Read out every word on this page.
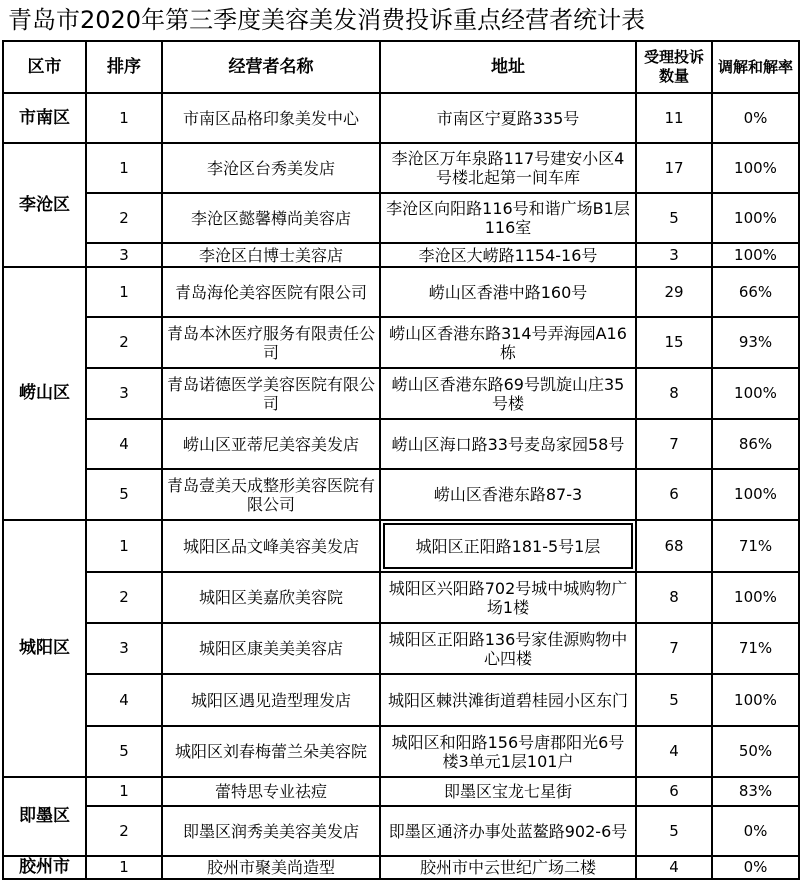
青岛市2020年第三季度美容美发消费投诉重点经营者统计表
区市	排序	经营者名称	地址	受理投诉数量	调解和解率
市南区	1	市南区品格印象美发中心	市南区宁夏路335号	11	0%
李沧区	1	李沧区台秀美发店	李沧区万年泉路117号建安小区4号楼北起第一间车库	17	100%
	2	李沧区懿馨樽尚美容店	李沧区向阳路116号和谐广场B1层116室	5	100%
	3	李沧区白博士美容店	李沧区大崂路1154-16号	3	100%
崂山区	1	青岛海伦美容医院有限公司	崂山区香港中路160号	29	66%
	2	青岛本沐医疗服务有限责任公司	崂山区香港东路314号弄海园A16栋	15	93%
	3	青岛诺德医学美容医院有限公司	崂山区香港东路69号凯旋山庄35号楼	8	100%
	4	崂山区亚蒂尼美容美发店	崂山区海口路33号麦岛家园58号	7	86%
	5	青岛壹美天成整形美容医院有限公司	崂山区香港东路87-3	6	100%
城阳区	1	城阳区品文峰美容美发店	城阳区正阳路181-5号1层	68	71%
	2	城阳区美嘉欣美容院	城阳区兴阳路702号城中城购物广场1楼	8	100%
	3	城阳区康美美美容店	城阳区正阳路136号家佳源购物中心四楼	7	71%
	4	城阳区遇见造型理发店	城阳区棘洪滩街道碧桂园小区东门	5	100%
	5	城阳区刘春梅蕾兰朵美容院	城阳区和阳路156号唐郡阳光6号楼3单元1层101户	4	50%
即墨区	1	蕾特思专业祛痘	即墨区宝龙七星街	6	83%
	2	即墨区润秀美美容美发店	即墨区通济办事处蓝鳌路902-6号	5	0%
胶州市	1	胶州市聚美尚造型	胶州市中云世纪广场二楼	4	0%
